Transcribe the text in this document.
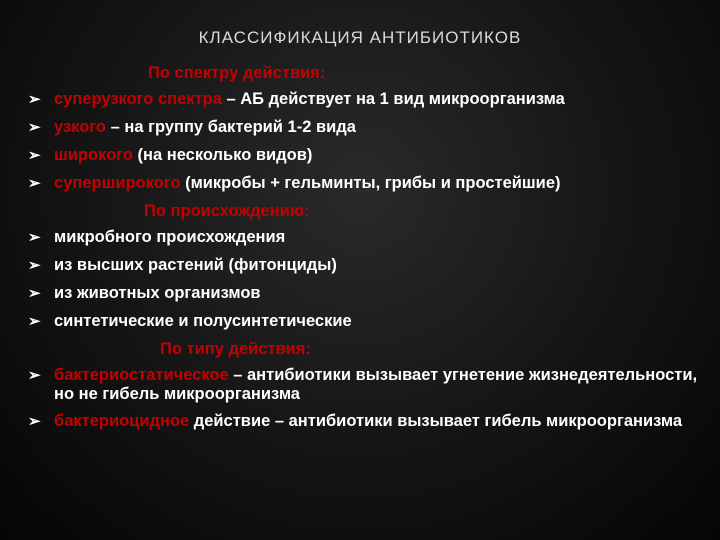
КЛАССИФИКАЦИЯ АНТИБИОТИКОВ
По спектру действия:
➢ суперузкого спектра – АБ действует на 1 вид микроорганизма
➢ узкого – на группу бактерий 1-2 вида
➢ широкого (на несколько видов)
➢ суперширокого (микробы + гельминты, грибы и простейшие)
По происхождению:
➢ микробного происхождения
➢ из высших растений (фитонциды)
➢ из животных организмов
➢ синтетические и полусинтетические
По типу действия:
➢ бактериостатическое – антибиотики вызывает угнетение жизнедеятельности, но не гибель микроорганизма
➢ бактериоцидное действие – антибиотики вызывает гибель микроорганизма
